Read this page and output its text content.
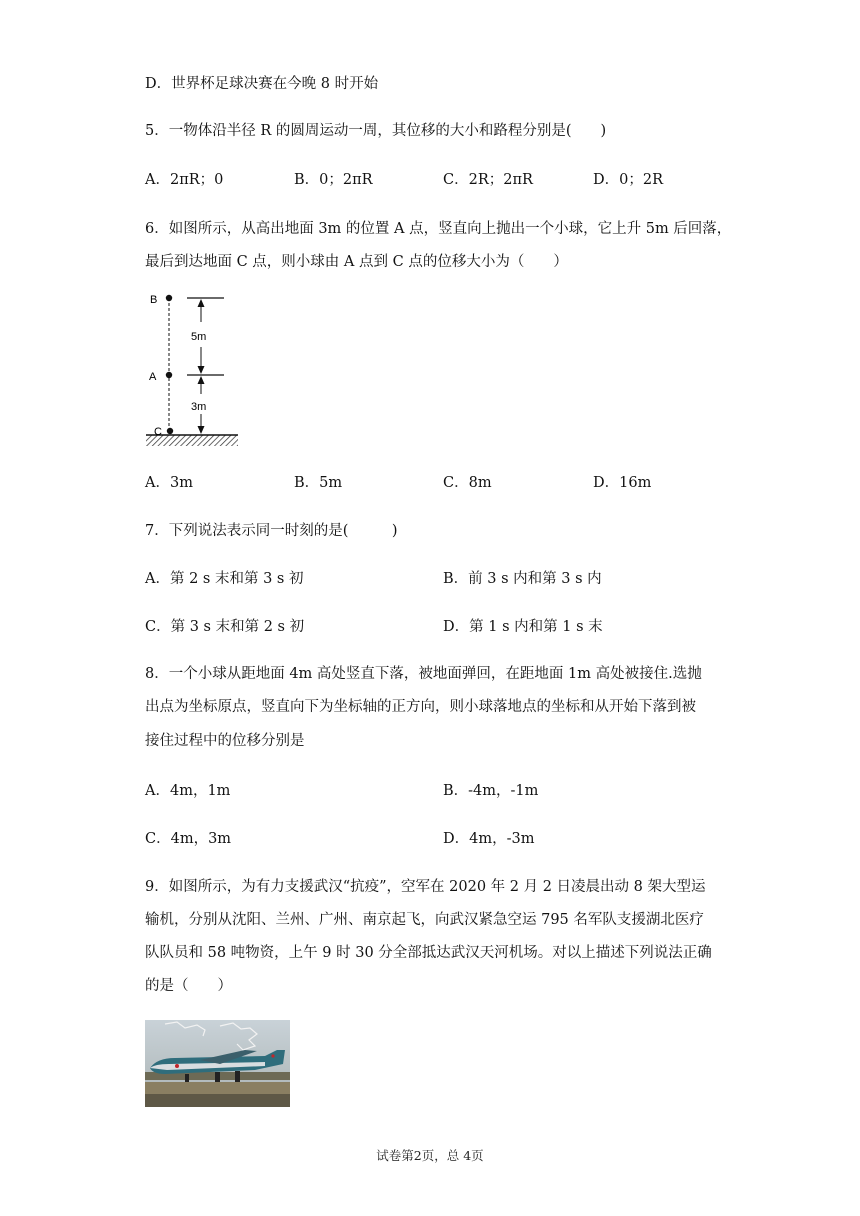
D．世界杯足球决赛在今晚 8 时开始
5．一物体沿半径 R 的圆周运动一周，其位移的大小和路程分别是(　　)
A．2πR；0	B．0；2πR	C．2R；2πR	D．0；2R
6．如图所示，从高出地面 3m 的位置 A 点，竖直向上抛出一个小球，它上升 5m 后回落，
最后到达地面 C 点，则小球由 A 点到 C 点的位移大小为（　　）
B
A
C
5m
3m
A．3m	B．5m	C．8m	D．16m
7．下列说法表示同一时刻的是(　　　)
A．第 2 s 末和第 3 s 初	B．前 3 s 内和第 3 s 内
C．第 3 s 末和第 2 s 初	D．第 1 s 内和第 1 s 末
8．一个小球从距地面 4m 高处竖直下落，被地面弹回，在距地面 1m 高处被接住.选抛
出点为坐标原点，竖直向下为坐标轴的正方向，则小球落地点的坐标和从开始下落到被
接住过程中的位移分别是
A．4m，1m	B．-4m，-1m
C．4m，3m	D．4m，-3m
9．如图所示，为有力支援武汉“抗疫”，空军在 2020 年 2 月 2 日凌晨出动 8 架大型运
输机，分别从沈阳、兰州、广州、南京起飞，向武汉紧急空运 795 名军队支援湖北医疗
队队员和 58 吨物资，上午 9 时 30 分全部抵达武汉天河机场。对以上描述下列说法正确
的是（　　）
试卷第2页，总 4页
